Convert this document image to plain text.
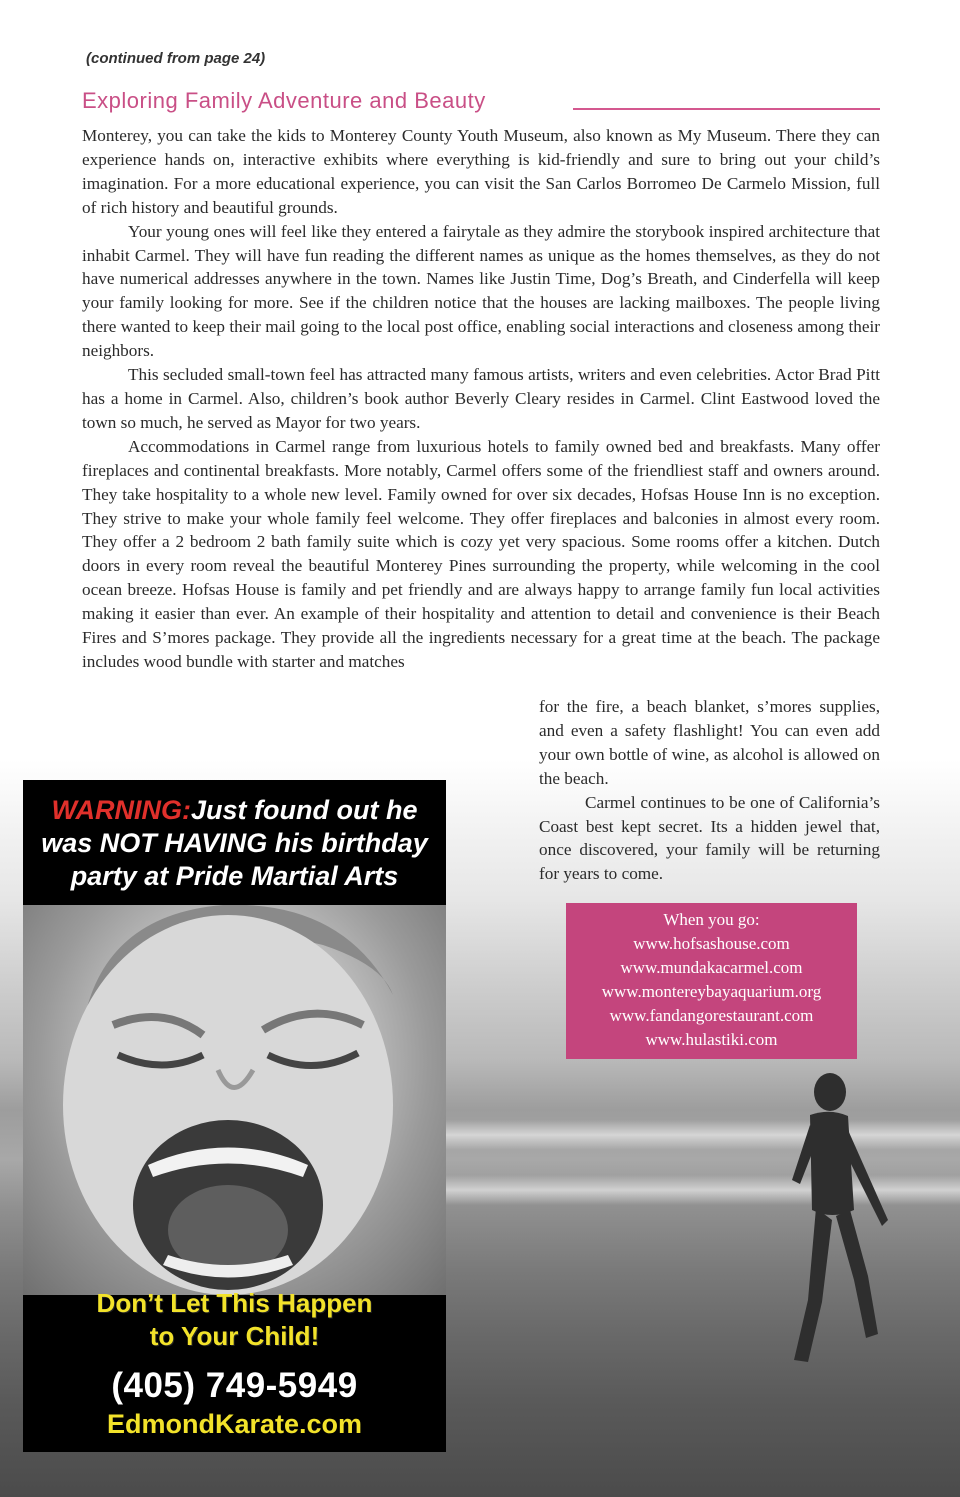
(continued from page 24)
Exploring Family Adventure and Beauty

Monterey, you can take the kids to Monterey County Youth Museum, also known as My Museum. There they can experience hands on, interactive exhibits where everything is kid-friendly and sure to bring out your child’s imagination. For a more educational experience, you can visit the San Carlos Borromeo De Carmelo Mission, full of rich history and beautiful grounds.

Your young ones will feel like they entered a fairytale as they admire the storybook inspired architecture that inhabit Carmel. They will have fun reading the different names as unique as the homes themselves, as they do not have numerical addresses anywhere in the town. Names like Justin Time, Dog’s Breath, and Cinderfella will keep your family looking for more. See if the children notice that the houses are lacking mailboxes. The people living there wanted to keep their mail going to the local post office, enabling social interactions and closeness among their neighbors.

This secluded small-town feel has attracted many famous artists, writers and even celebrities. Actor Brad Pitt has a home in Carmel. Also, children’s book author Beverly Cleary resides in Carmel. Clint Eastwood loved the town so much, he served as Mayor for two years.

Accommodations in Carmel range from luxurious hotels to family owned bed and breakfasts. Many offer fireplaces and continental breakfasts. More notably, Carmel offers some of the friendliest staff and owners around. They take hospitality to a whole new level. Family owned for over six decades, Hofsas House Inn is no exception. They strive to make your whole family feel welcome. They offer fireplaces and balconies in almost every room. They offer a 2 bedroom 2 bath family suite which is cozy yet very spacious. Some rooms offer a kitchen. Dutch doors in every room reveal the beautiful Monterey Pines surrounding the property, while welcoming in the cool ocean breeze. Hofsas House is family and pet friendly and are always happy to arrange family fun local activities making it easier than ever. An example of their hospitality and attention to detail and convenience is their Beach Fires and S’mores package. They provide all the ingredients necessary for a great time at the beach. The package includes wood bundle with starter and matches

for the fire, a beach blanket, s’mores supplies, and even a safety flashlight! You can even add your own bottle of wine, as alcohol is allowed on the beach.

Carmel continues to be one of California’s Coast best kept secret. Its a hidden jewel that, once discovered, your family will be returning for years to come.

When you go:
www.hofsashouse.com
www.mundakacarmel.com
www.montereybayaquarium.org
www.fandangorestaurant.com
www.hulastiki.com
WARNING:Just found out he
was NOT HAVING his birthday
party at Pride Martial Arts
Don’t Let This Happen
to Your Child!
(405) 749-5949
EdmondKarate.com
